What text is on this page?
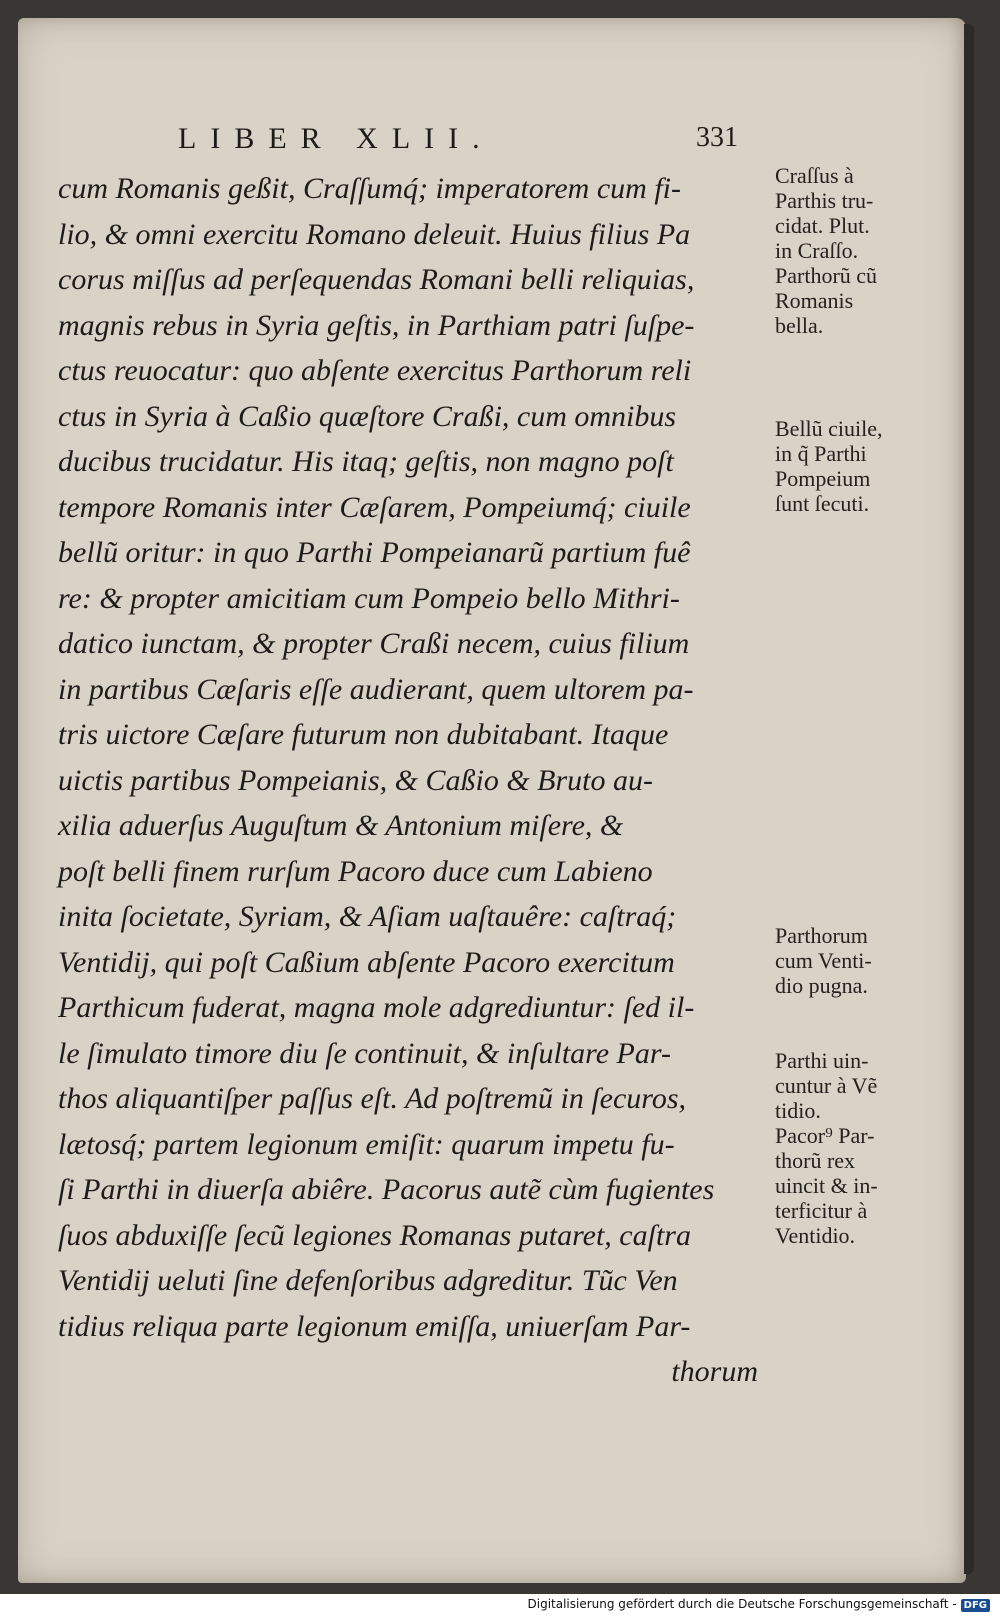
LIBER XLII.	331
cum Romanis geßit, Craſſumq́; imperatorem cum fi-
lio, & omni exercitu Romano deleuit. Huius filius Pa
corus miſſus ad perſequendas Romani belli reliquias,
magnis rebus in Syria geſtis, in Parthiam patri ſuſpe-
ctus reuocatur: quo abſente exercitus Parthorum reli
ctus in Syria à Caßio quæſtore Craßi, cum omnibus
ducibus trucidatur. His itaq; geſtis, non magno poſt
tempore Romanis inter Cæſarem, Pompeiumq́; ciuile
bellũ oritur: in quo Parthi Pompeianarũ partium fuê
re: & propter amicitiam cum Pompeio bello Mithri-
datico iunctam, & propter Craßi necem, cuius filium
in partibus Cæſaris eſſe audierant, quem ultorem pa-
tris uictore Cæſare futurum non dubitabant. Itaque
uictis partibus Pompeianis, & Caßio & Bruto au-
xilia aduerſus Auguſtum & Antonium miſere, &
poſt belli finem rurſum Pacoro duce cum Labieno
inita ſocietate, Syriam, & Aſiam uaſtauêre: caſtraq́;
Ventidij, qui poſt Caßium abſente Pacoro exercitum
Parthicum fuderat, magna mole adgrediuntur: ſed il-
le ſimulato timore diu ſe continuit, & inſultare Par-
thos aliquantiſper paſſus eſt. Ad poſtremũ in ſecuros,
lætosq́; partem legionum emiſit: quarum impetu fu-
ſi Parthi in diuerſa abiêre. Pacorus autẽ cùm fugientes
ſuos abduxiſſe ſecũ legiones Romanas putaret, caſtra
Ventidij ueluti ſine defenſoribus adgreditur. Tũc Ven
tidius reliqua parte legionum emiſſa, uniuerſam Par-
thorum
Craſſus à
Parthis tru-
cidat. Plut.
in Craſſo.
Parthorũ cũ
Romanis
bella.
Bellũ ciuile,
in q̃ Parthi
Pompeium
ſunt ſecuti.
Parthorum
cum Venti-
dio pugna.
Parthi uin-
cuntur à Vẽ
tidio.
Pacor⁹ Par-
thorũ rex
uincit & in-
terficitur à
Ventidio.
Digitalisierung gefördert durch die Deutsche Forschungsgemeinschaft - DFG
